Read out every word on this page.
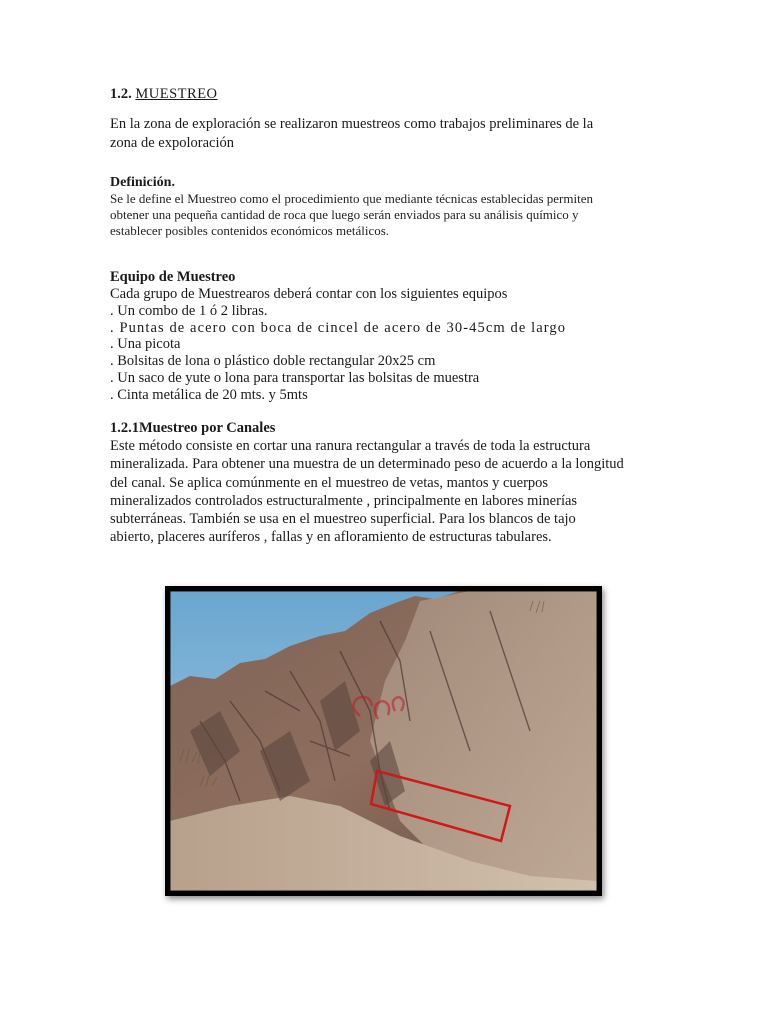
1.2. MUESTREO
En la zona de exploración se realizaron muestreos como trabajos preliminares de la
zona de expoloración
Definición.
Se le define el Muestreo como el procedimiento que mediante técnicas establecidas permiten
obtener una pequeña cantidad de roca que luego serán enviados para su análisis químico y
establecer posibles contenidos económicos metálicos.
Equipo de Muestreo
Cada grupo de Muestrearos deberá contar con los siguientes equipos
. Un combo de 1 ó 2 libras.
. Puntas de acero con boca de cincel de acero de 30-45cm de largo
. Una picota
. Bolsitas de lona o plástico doble rectangular 20x25 cm
. Un saco de yute o lona para transportar las bolsitas de muestra
. Cinta metálica de 20 mts. y 5mts
1.2.1Muestreo por Canales
Este método consiste en cortar una ranura rectangular a través de toda la estructura
mineralizada. Para obtener una muestra de un determinado peso de acuerdo a la longitud
del canal. Se aplica comúnmente en el muestreo de vetas, mantos y cuerpos
mineralizados controlados estructuralmente , principalmente en labores minerías
subterráneas. También se usa en el muestreo superficial. Para los blancos de tajo
abierto, placeres auríferos , fallas y en afloramiento de estructuras tabulares.
